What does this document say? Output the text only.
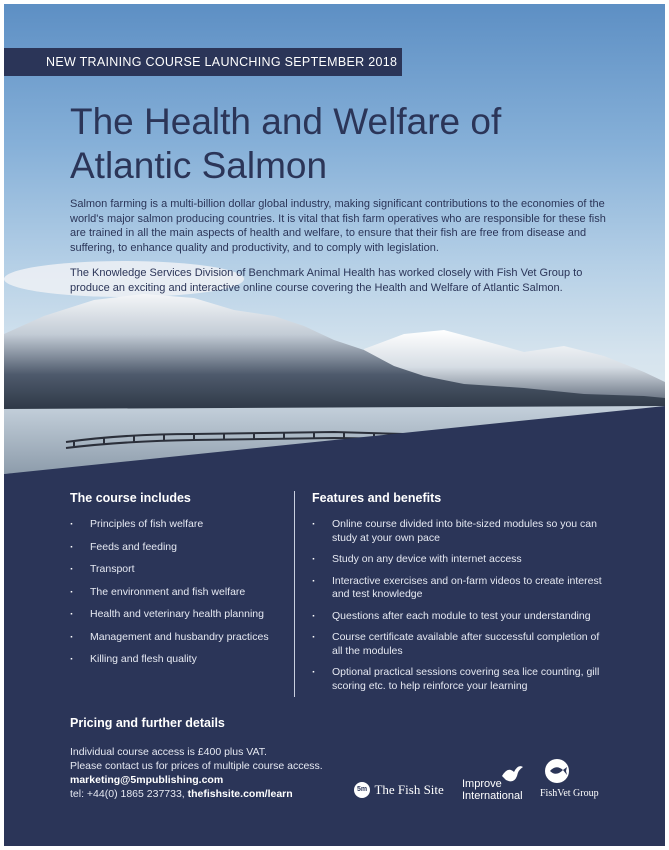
NEW TRAINING COURSE LAUNCHING SEPTEMBER 2018
The Health and Welfare of
Atlantic Salmon

Salmon farming is a multi-billion dollar global industry, making significant contributions to the economies of the world's major salmon producing countries. It is vital that fish farm operatives who are responsible for these fish are trained in all the main aspects of health and welfare, to ensure that their fish are free from disease and suffering, to enhance quality and productivity, and to comply with legislation.

The Knowledge Services Division of Benchmark Animal Health has worked closely with Fish Vet Group to produce an exciting and interactive online course covering the Health and Welfare of Atlantic Salmon.

The course includes
· Principles of fish welfare
· Feeds and feeding
· Transport
· The environment and fish welfare
· Health and veterinary health planning
· Management and husbandry practices
· Killing and flesh quality
Features and benefits
· Online course divided into bite-sized modules so you can study at your own pace
· Study on any device with internet access
· Interactive exercises and on-farm videos to create interest and test knowledge
· Questions after each module to test your understanding
· Course certificate available after successful completion of all the modules
· Optional practical sessions covering sea lice counting, gill scoring etc. to help reinforce your learning
Pricing and further details
Individual course access is £400 plus VAT.
Please contact us for prices of multiple course access.
marketing@5mpublishing.com
tel: +44(0) 1865 237733, thefishsite.com/learn	5m The Fish Site Improve
International FishVet Group
